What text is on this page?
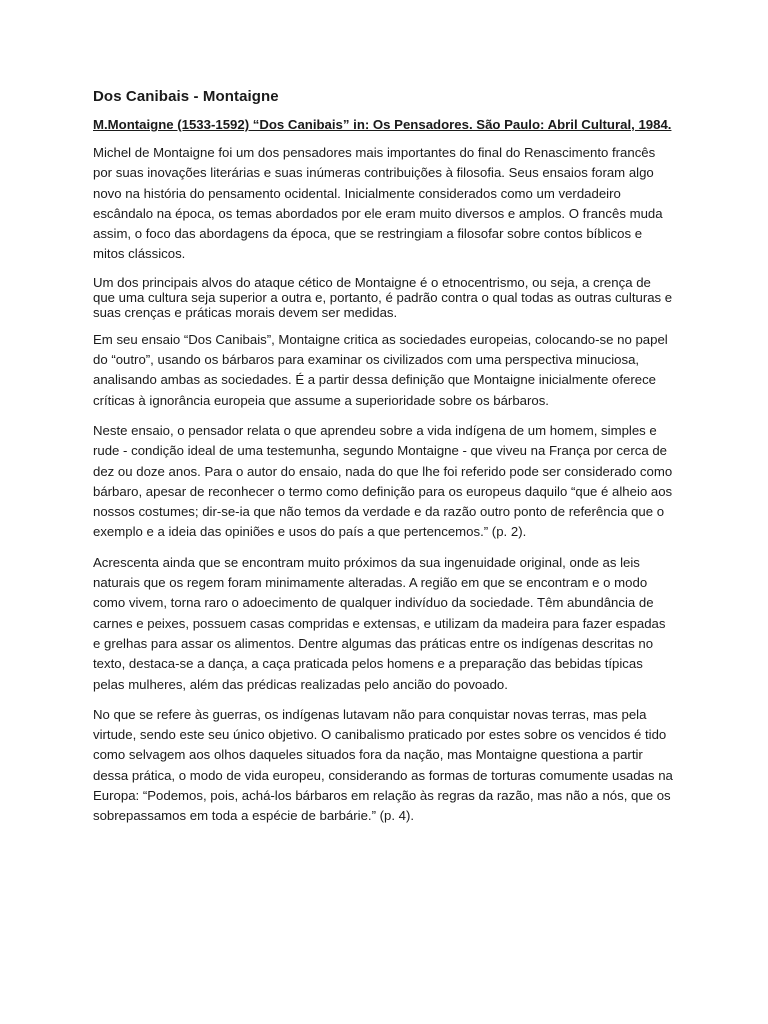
Dos Canibais - Montaigne
M.Montaigne (1533-1592) “Dos Canibais” in: Os Pensadores. São Paulo: Abril Cultural, 1984.

Michel de Montaigne foi um dos pensadores mais importantes do final do Renascimento francês por suas inovações literárias e suas inúmeras contribuições à filosofia. Seus ensaios foram algo novo na história do pensamento ocidental. Inicialmente considerados como um verdadeiro escândalo na época, os temas abordados por ele eram muito diversos e amplos. O francês muda assim, o foco das abordagens da época, que se restringiam a filosofar sobre contos bíblicos e mitos clássicos.

Um dos principais alvos do ataque cético de Montaigne é o etnocentrismo, ou seja, a crença de que uma cultura seja superior a outra e, portanto, é padrão contra o qual todas as outras culturas e suas crenças e práticas morais devem ser medidas.

Em seu ensaio “Dos Canibais”, Montaigne critica as sociedades europeias, colocando-se no papel do “outro”, usando os bárbaros para examinar os civilizados com uma perspectiva minuciosa, analisando ambas as sociedades. É a partir dessa definição que Montaigne inicialmente oferece críticas à ignorância europeia que assume a superioridade sobre os bárbaros.

Neste ensaio, o pensador relata o que aprendeu sobre a vida indígena de um homem, simples e rude - condição ideal de uma testemunha, segundo Montaigne - que viveu na França por cerca de dez ou doze anos. Para o autor do ensaio, nada do que lhe foi referido pode ser considerado como bárbaro, apesar de reconhecer o termo como definição para os europeus daquilo “que é alheio aos nossos costumes; dir-se-ia que não temos da verdade e da razão outro ponto de referência que o exemplo e a ideia das opiniões e usos do país a que pertencemos.” (p. 2).

Acrescenta ainda que se encontram muito próximos da sua ingenuidade original, onde as leis naturais que os regem foram minimamente alteradas. A região em que se encontram e o modo como vivem, torna raro o adoecimento de qualquer indivíduo da sociedade. Têm abundância de carnes e peixes, possuem casas compridas e extensas, e utilizam da madeira para fazer espadas e grelhas para assar os alimentos. Dentre algumas das práticas entre os indígenas descritas no texto, destaca-se a dança, a caça praticada pelos homens e a preparação das bebidas típicas pelas mulheres, além das prédicas realizadas pelo ancião do povoado.

No que se refere às guerras, os indígenas lutavam não para conquistar novas terras, mas pela virtude, sendo este seu único objetivo. O canibalismo praticado por estes sobre os vencidos é tido como selvagem aos olhos daqueles situados fora da nação, mas Montaigne questiona a partir dessa prática, o modo de vida europeu, considerando as formas de torturas comumente usadas na Europa: “Podemos, pois, achá-los bárbaros em relação às regras da razão, mas não a nós, que os sobrepassamos em toda a espécie de barbárie.” (p. 4).
